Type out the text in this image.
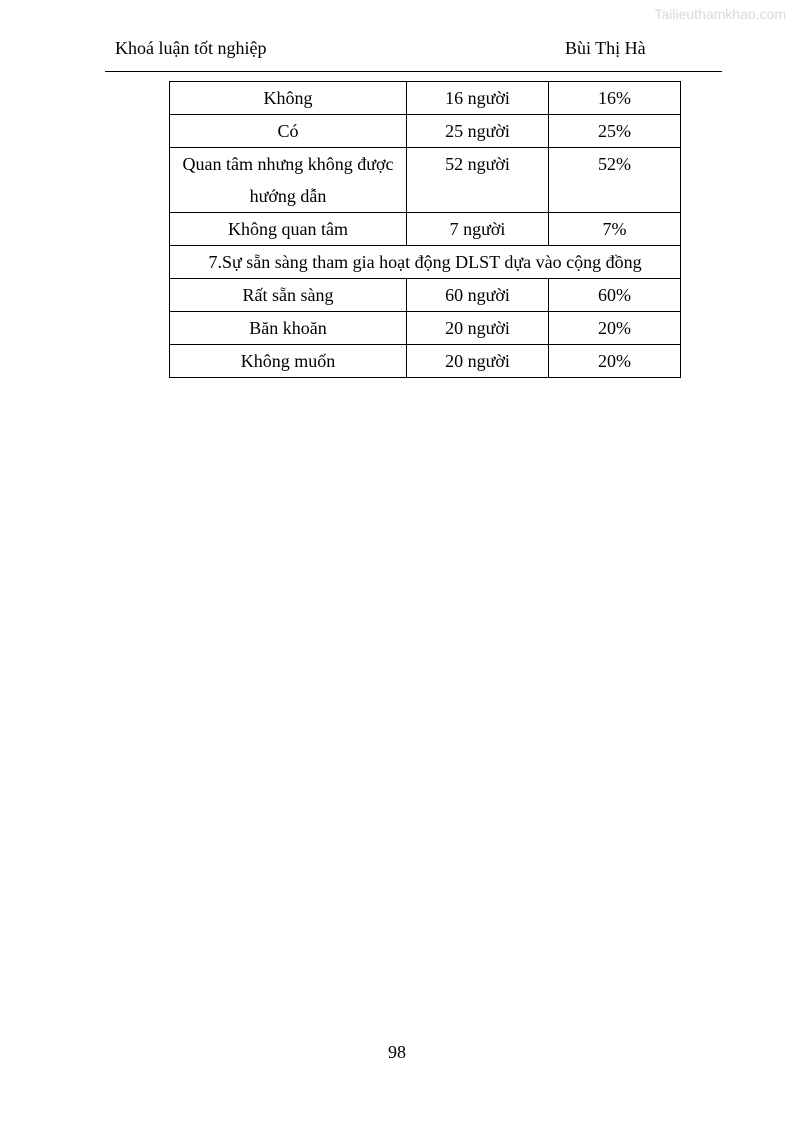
Tailieuthamkhao.com
Khoá luận tốt nghiệp	Bùi Thị Hà
Không	16 người	16%
Có	25 người	25%
Quan tâm nhưng không được hướng dẫn	52 người	52%
Không quan tâm	7 người	7%
7.Sự sẵn sàng tham gia hoạt động DLST dựa vào cộng đồng		
Rất sẵn sàng	60 người	60%
Băn khoăn	20 người	20%
Không muốn	20 người	20%
98
